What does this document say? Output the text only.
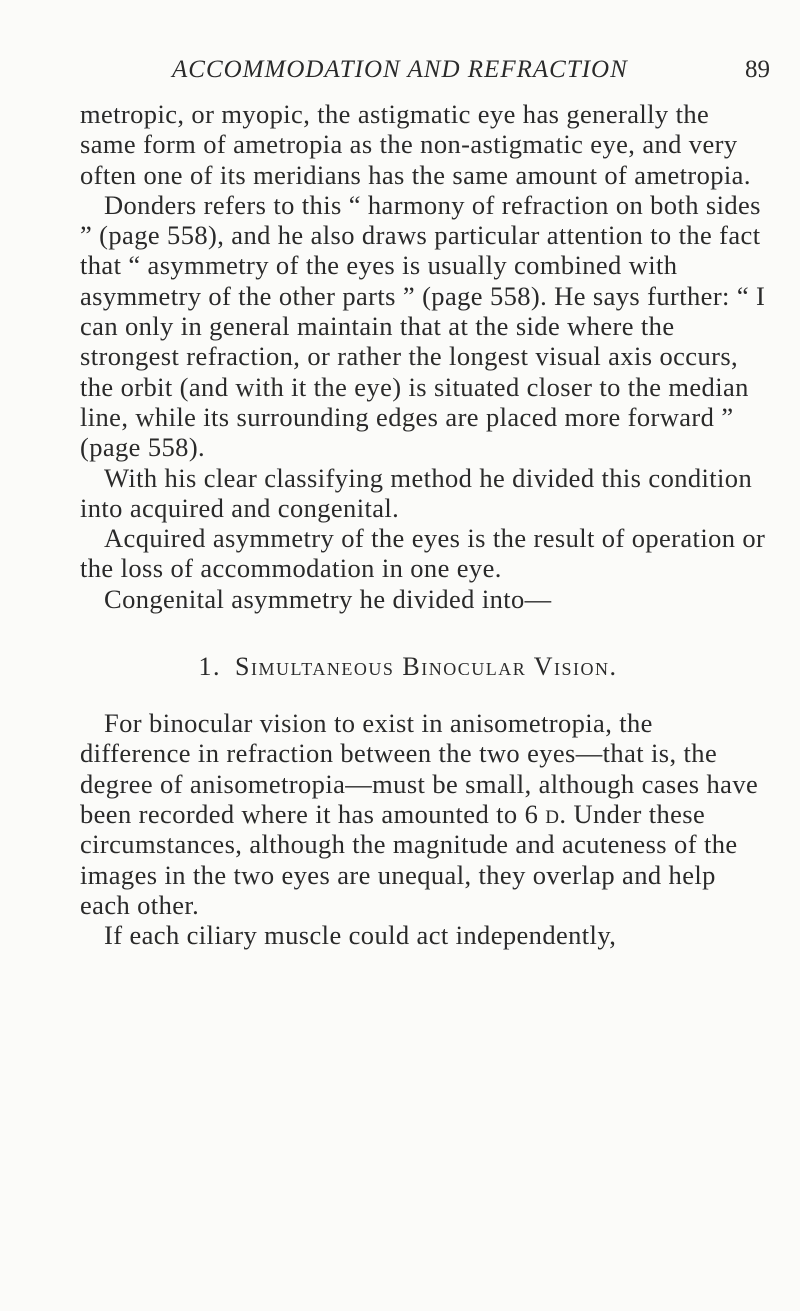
ACCOMMODATION AND REFRACTION	89

metropic, or myopic, the astigmatic eye has generally the same form of ametropia as the non-astigmatic eye, and very often one of its meridians has the same amount of ametropia.

Donders refers to this “ harmony of refraction on both sides ” (page 558), and he also draws particular attention to the fact that “ asymmetry of the eyes is usually combined with asymmetry of the other parts ” (page 558). He says further: “ I can only in general maintain that at the side where the strongest refraction, or rather the longest visual axis occurs, the orbit (and with it the eye) is situated closer to the median line, while its surrounding edges are placed more forward ” (page 558).

With his clear classifying method he divided this condition into acquired and congenital.

Acquired asymmetry of the eyes is the result of operation or the loss of accommodation in one eye.

Congenital asymmetry he divided into—

1. Simultaneous Binocular Vision.

For binocular vision to exist in anisometropia, the difference in refraction between the two eyes—that is, the degree of anisometropia—must be small, although cases have been recorded where it has amounted to 6 d. Under these circumstances, although the magnitude and acuteness of the images in the two eyes are unequal, they overlap and help each other.

If each ciliary muscle could act independently,
